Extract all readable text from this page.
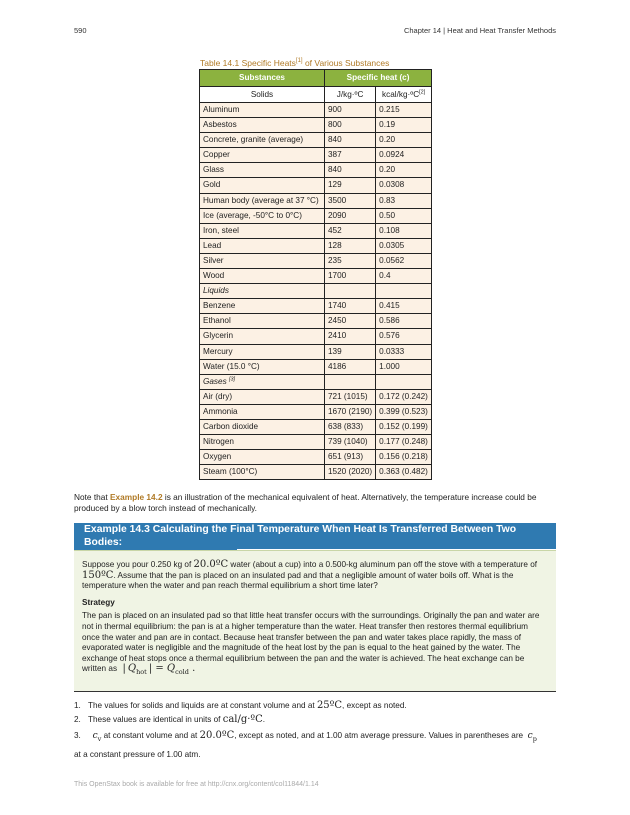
590	Chapter 14 | Heat and Heat Transfer Methods
Table 14.1 Specific Heats[1] of Various Substances
Substances	Specific heat (c)	
Solids	J/kg·ºC	kcal/kg·ºC[2]
Aluminum	900	0.215
Asbestos	800	0.19
Concrete, granite (average)	840	0.20
Copper	387	0.0924
Glass	840	0.20
Gold	129	0.0308
Human body (average at 37 °C)	3500	0.83
Ice (average, -50°C to 0°C)	2090	0.50
Iron, steel	452	0.108
Lead	128	0.0305
Silver	235	0.0562
Wood	1700	0.4
Liquids		
Benzene	1740	0.415
Ethanol	2450	0.586
Glycerin	2410	0.576
Mercury	139	0.0333
Water (15.0 °C)	4186	1.000
Gases [3]		
Air (dry)	721 (1015)	0.172 (0.242)
Ammonia	1670 (2190)	0.399 (0.523)
Carbon dioxide	638 (833)	0.152 (0.199)
Nitrogen	739 (1040)	0.177 (0.248)
Oxygen	651 (913)	0.156 (0.218)
Steam (100°C)	1520 (2020)	0.363 (0.482)
Note that Example 14.2 is an illustration of the mechanical equivalent of heat. Alternatively, the temperature increase could be produced by a blow torch instead of mechanically.
Example 14.3 Calculating the Final Temperature When Heat Is Transferred Between Two Bodies:

Suppose you pour 0.250 kg of 20.0ºC water (about a cup) into a 0.500-kg aluminum pan off the stove with a temperature of 150ºC. Assume that the pan is placed on an insulated pad and that a negligible amount of water boils off. What is the temperature when the water and pan reach thermal equilibrium a short time later?

Strategy

The pan is placed on an insulated pad so that little heat transfer occurs with the surroundings. Originally the pan and water are not in thermal equilibrium: the pan is at a higher temperature than the water. Heat transfer then restores thermal equilibrium once the water and pan are in contact. Because heat transfer between the pan and water takes place rapidly, the mass of evaporated water is negligible and the magnitude of the heat lost by the pan is equal to the heat gained by the water. The exchange of heat stops once a thermal equilibrium between the pan and the water is achieved. The heat exchange can be written as  | $Q_{hot}$ | = $Q_{cold}$ .

1. The values for solids and liquids are at constant volume and at 25ºC, except as noted.
2. These values are identical in units of cal/g·ºC.
3. $c_v$ at constant volume and at 20.0ºC, except as noted, and at 1.00 atm average pressure. Values in parentheses are  $c_p$
at a constant pressure of 1.00 atm.
This OpenStax book is available for free at http://cnx.org/content/col11844/1.14
